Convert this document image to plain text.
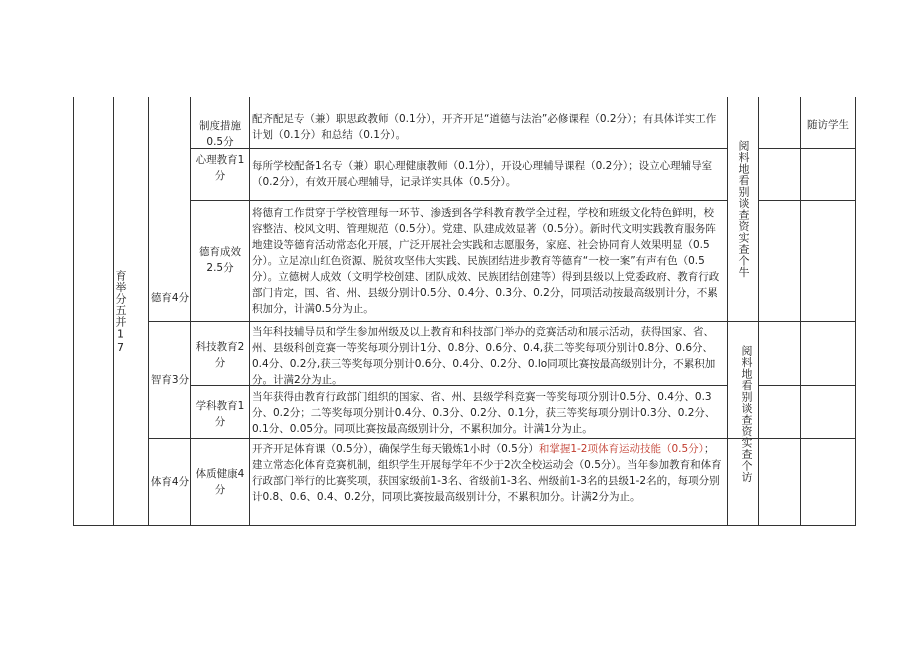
育举分五并17 德育4分
智育3分
体育4分
制度措施0.5分
心理教育1分
德育成效2.5分
科技教育2分
学科教育1分
体质健康4分
配齐配足专（兼）职思政教师（0.1分），开齐开足“道德与法治”必修课程（0.2分）；有具体详实工作计划（0.1分）和总结（0.1分）。
每所学校配备1名专（兼）职心理健康教师（0.1分），开设心理辅导课程（0.2分）；设立心理辅导室（0.2分），有效开展心理辅导，记录详实具体（0.5分）。
将德育工作贯穿于学校管理每一环节、渗透到各学科教育教学全过程，学校和班级文化特色鲜明，校容整洁、校风文明、管理规范（0.5分）。党建、队建成效显著（0.5分）。新时代文明实践教育服务阵地建设等德育活动常态化开展，广泛开展社会实践和志愿服务，家庭、社会协同育人效果明显（0.5分）。立足凉山红色资源、脱贫攻坚伟大实践、民族团结进步教育等德育“一校一案”有声有色（0.5分）。立德树人成效（文明学校创建、团队成效、民族团结创建等）得到县级以上党委政府、教育行政部门肯定，国、省、州、县级分别计0.5分、0.4分、0.3分、0.2分，同项活动按最高级别计分，不累积加分，计满0.5分为止。
当年科技辅导员和学生参加州级及以上教育和科技部门举办的竞赛活动和展示活动，获得国家、省、州、县级科创竞赛一等奖每项分别计1分、0.8分、0.6分、0.4,获二等奖每项分别计0.8分、0.6分、0.4分、0.2分,获三等奖每项分别计0.6分、0.4分、0.2分、0.lo同项比赛按最高级别计分，不累积加分。计满2分为止。
当年获得由教育行政部门组织的国家、省、州、县级学科竞赛一等奖每项分别计0.5分、0.4分、0.3分、0.2分；二等奖每项分别计0.4分、0.3分、0.2分、0.1分，获三等奖每项分别计0.3分、0.2分、0.1分、0.05分。同项比赛按最高级别计分，不累积加分。计满1分为止。
开齐开足体育课（0.5分），确保学生每天锻炼1小时（0.5分）和掌握1-2项体育运动技能（0.5分）；建立常态化体育竞赛机制，组织学生开展每学年不少于2次全校运动会（0.5分）。当年参加教育和体育行政部门举行的比赛奖项，获国家级前1-3名、省级前1-3名、州级前1-3名的县级1-2名的，每项分别计0.8、0.6、0.4、0.2分，同项比赛按最高级别计分，不累积加分。计满2分为止。
阅料地看别谈查资实查个牛
阅料地看别谈查资实查个访
随访学生
